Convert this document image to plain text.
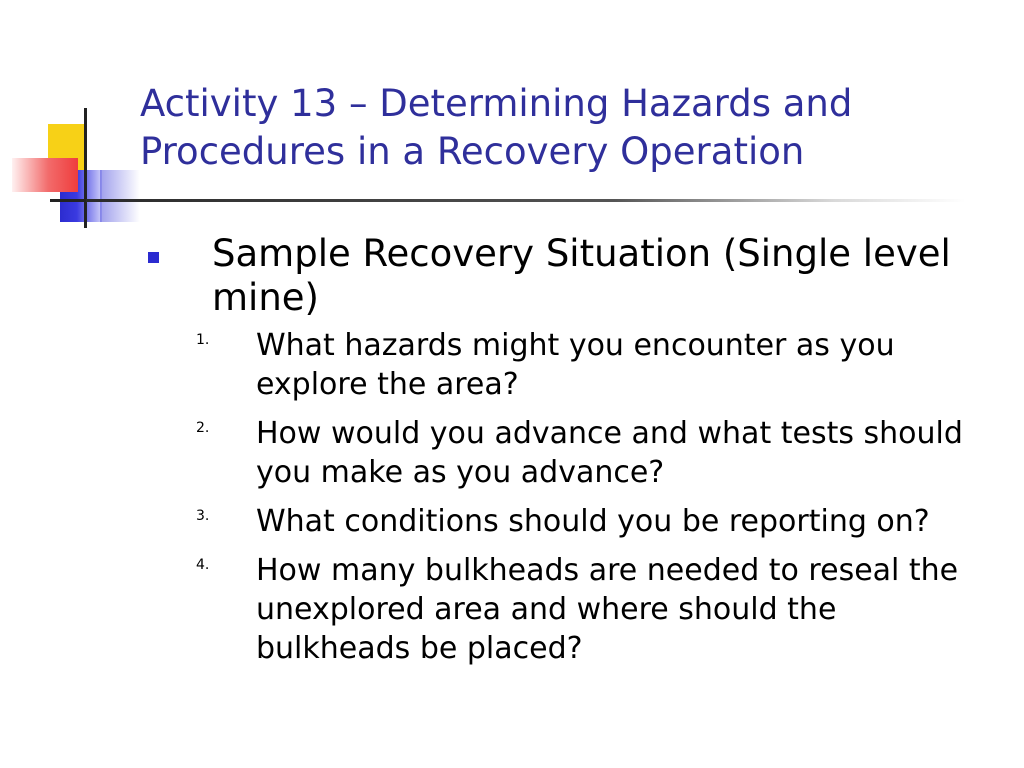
Activity 13 – Determining Hazards and Procedures in a Recovery Operation
Sample Recovery Situation (Single level mine)
1. What hazards might you encounter as you explore the area?
2. How would you advance and what tests should you make as you advance?
3. What conditions should you be reporting on?
4. How many bulkheads are needed to reseal the unexplored area and where should the bulkheads be placed?
